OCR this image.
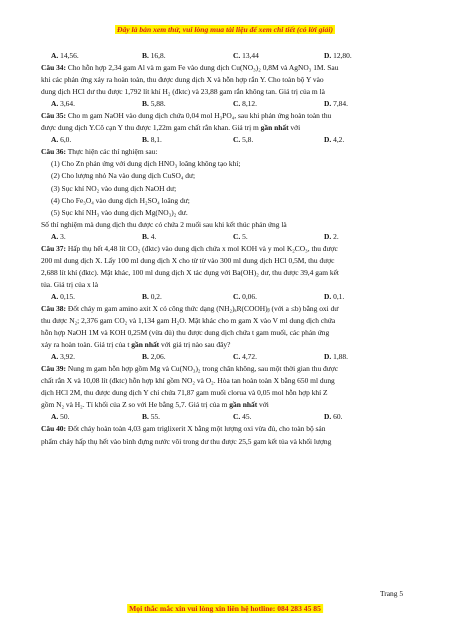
Đây là bản xem thử, vui lòng mua tài liệu để xem chi tiết (có lời giải)
A. 14,56.	B. 16,8.	C. 13,44	D. 12,80.
Câu 34: Cho hỗn hợp 2,34 gam Al và m gam Fe vào dung dịch Cu(NO₃)₂ 0,8M và AgNO₃ 1M. Sau
khi các phản ứng xảy ra hoàn toàn, thu được dung dịch X và hỗn hợp rắn Y. Cho toàn bộ Y vào
dung dịch HCl dư thu được 1,792 lít khí H₂ (đktc) và 23,88 gam rắn không tan. Giá trị của m là
A. 3,64.	B. 5,88.	C. 8,12.	D. 7,84.
Câu 35: Cho m gam NaOH vào dung dịch chứa 0,04 mol H₃PO₄, sau khi phản ứng hoàn toàn thu
được dung dịch Y.Cô cạn Y thu được 1,22m gam chất rắn khan. Giá trị m gần nhất với
A. 6,0.	B. 8,1.	C. 5,8.	D. 4,2.
Câu 36: Thực hiện các thí nghiệm sau:
(1) Cho Zn phản ứng với dung dịch HNO₃ loãng không tạo khí;
(2) Cho lượng nhỏ Na vào dung dịch CuSO₄ dư;
(3) Sục khí NO₂ vào dung dịch NaOH dư;
(4) Cho Fe₃O₄ vào dung dịch H₂SO₄ loãng dư;
(5) Sục khí NH₃ vào dung dịch Mg(NO₃)₂ dư.
Số thí nghiệm mà dung dịch thu được có chứa 2 muối sau khi kết thúc phản ứng là
A. 3.	B. 4.	C. 5.	D. 2.
Câu 37: Hấp thụ hết 4,48 lít CO₂ (đktc) vào dung dịch chứa x mol KOH và y mol K₂CO₃, thu được
200 ml dung dịch X. Lấy 100 ml dung dịch X cho từ từ vào 300 ml dung dịch HCl 0,5M, thu được
2,688 lít khí (đktc). Mặt khác, 100 ml dung dịch X tác dụng với Ba(OH)₂ dư, thu được 39,4 gam kết
tủa. Giá trị của x là
A. 0,15.	B. 0,2.	C. 0,06.	D. 0,1.
Câu 38: Đốt cháy m gam amino axit X có công thức dạng (NH₂)ₐR(COOH)ᵦ (với a ≤b) bằng oxi dư
thu được N₂; 2,376 gam CO₂ và 1,134 gam H₂O. Mặt khác cho m gam X vào V ml dung dịch chứa
hỗn hợp NaOH 1M và KOH 0,25M (vừa đủ) thu được dung dịch chứa t gam muối, các phản ứng
xảy ra hoàn toàn. Giá trị của t gần nhất với giá trị nào sau đây?
A. 3,92.	B. 2,06.	C. 4,72.	D. 1,88.
Câu 39: Nung m gam hỗn hợp gồm Mg và Cu(NO₃)₂ trong chân không, sau một thời gian thu được
chất rắn X và 10,08 lít (đktc) hỗn hợp khí gồm NO₂ và O₂. Hòa tan hoàn toàn X bằng 650 ml dung
dịch HCl 2M, thu được dung dịch Y chỉ chứa 71,87 gam muối clorua và 0,05 mol hỗn hợp khí Z
gồm N₂ và H₂. Tỉ khối của Z so với He bằng 5,7. Giá trị của m gần nhất với
A. 50.	B. 55.	C. 45.	D. 60.
Câu 40: Đốt cháy hoàn toàn 4,03 gam triglixerit X bằng một lượng oxi vừa đủ, cho toàn bộ sản
phẩm cháy hấp thụ hết vào bình đựng nước vôi trong dư thu được 25,5 gam kết tủa và khối lượng
Trang 5
Mọi thắc mắc xin vui lòng xin liên hệ hotline: 084 283 45 85
